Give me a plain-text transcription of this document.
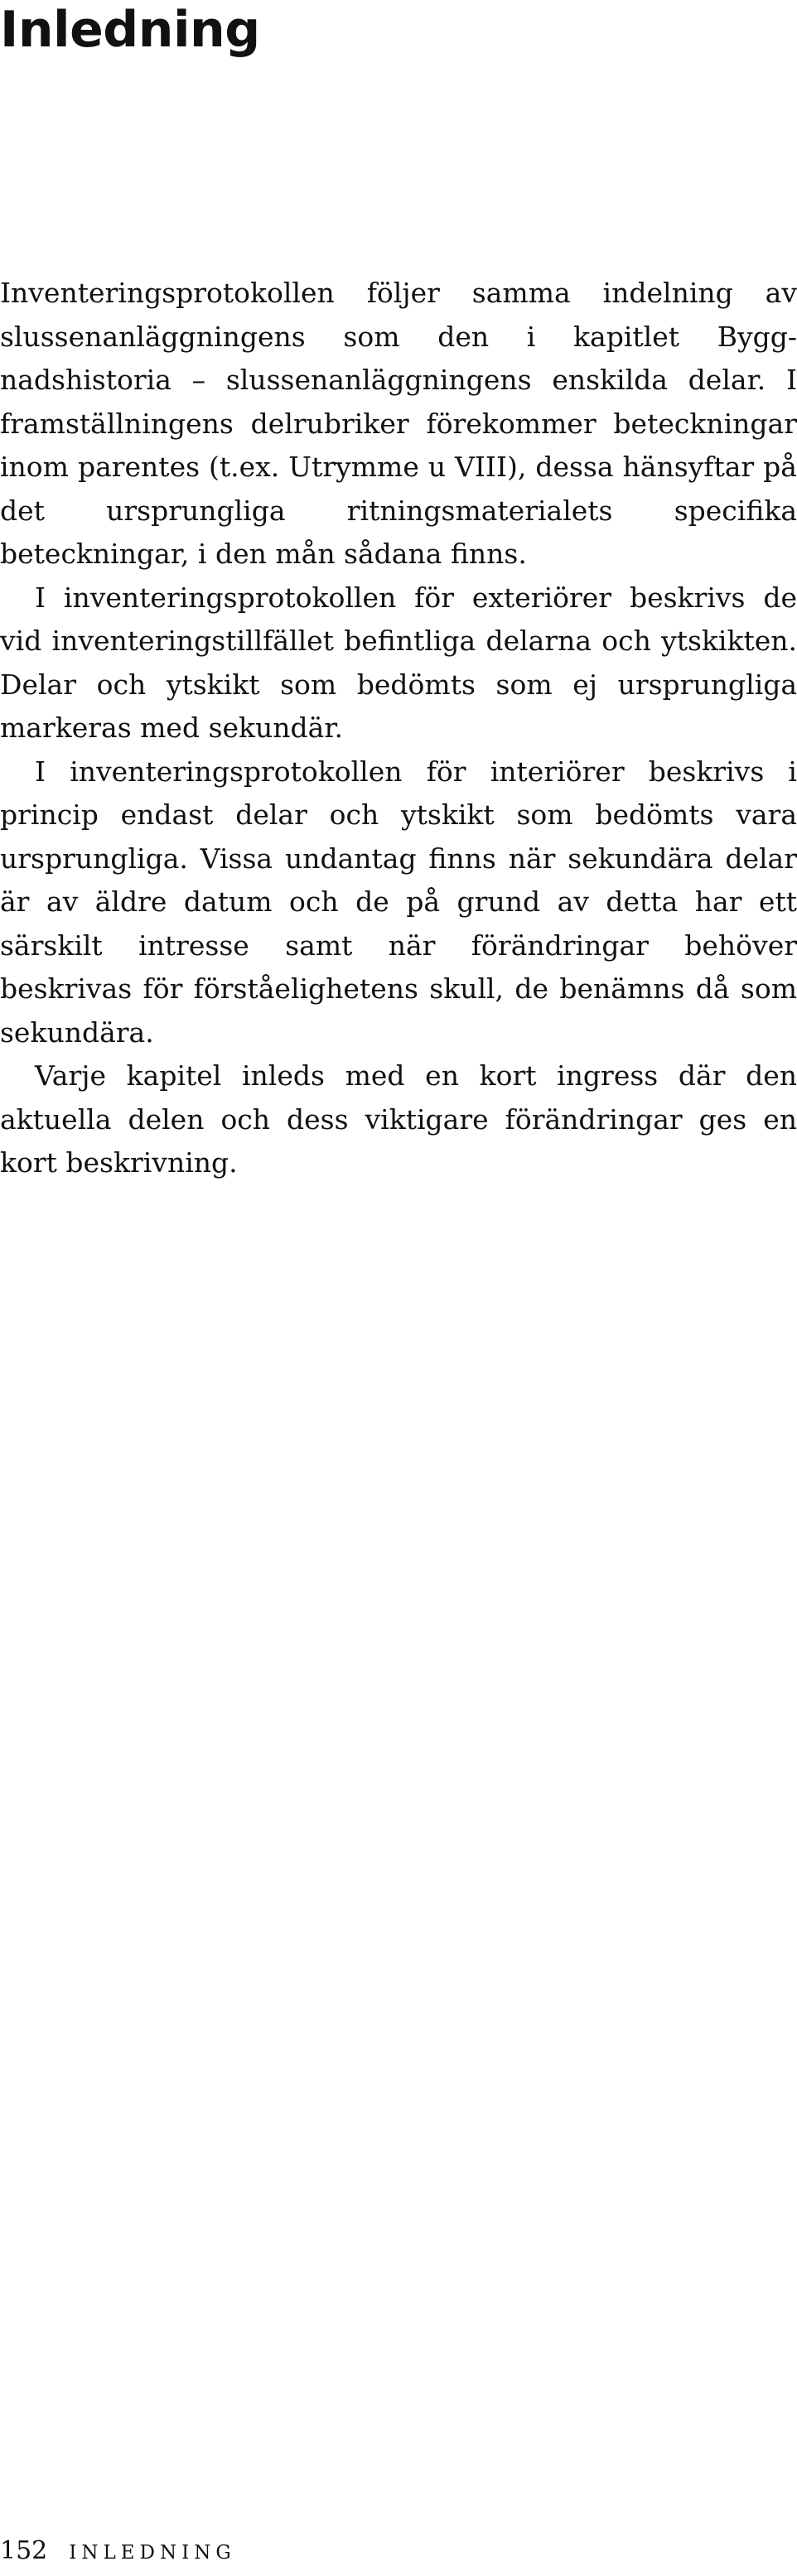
Inledning

Inventeringsprotokollen följer samma indelning av slussenanläggningens som den i kapitlet Byggnadshistoria – slussenanläggningens enskilda delar. I framställningens delrubriker förekommer beteckningar inom parentes (t.ex. Utrymme u VIII), dessa hänsyftar på det ursprungliga ritningsmaterialets specifika beteckningar, i den mån sådana finns.

I inventeringsprotokollen för exteriörer beskrivs de vid inventeringstillfället befintliga delarna och ytskikten. Delar och ytskikt som bedömts som ej ursprungliga markeras med sekundär.

I inventeringsprotokollen för interiörer beskrivs i princip endast delar och ytskikt som bedömts vara ursprungliga. Vissa undantag finns när sekundära delar är av äldre datum och de på grund av detta har ett särskilt intresse samt när förändringar behöver beskrivas för förståelighetens skull, de benämns då som sekundära.

Varje kapitel inleds med en kort ingress där den aktuella delen och dess viktigare förändringar ges en kort beskrivning.

152 INLEDNING
